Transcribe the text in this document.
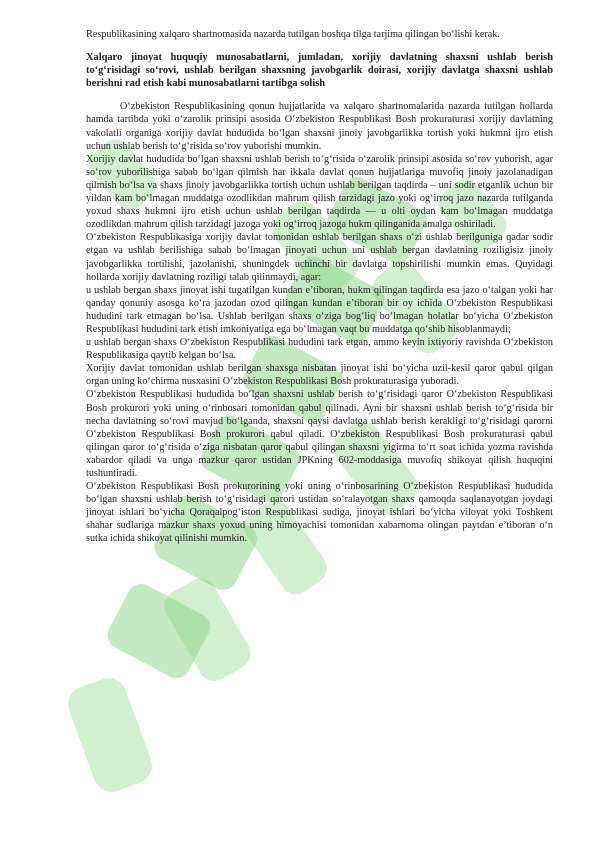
Respublikasining xalqaro shartnomasida nazarda tutilgan boshqa tilga tarjima qilingan bo‘lishi kerak.

Xalqaro jinoyat huquqiy munosabatlarni, jumladan, xorijiy davlatning shaxsni ushlab berish to‘g‘risidagi so‘rovi, ushlab berilgan shaxsning javobgarlik doirasi, xorijiy davlatga shaxsni ushlab berishni rad etish kabi munosabatlarni tartibga solish

O‘zbekiston Respublikasining qonun hujjatlarida va xalqaro shartnomalarida nazarda tutilgan hollarda hamda tartibda yoki o‘zarolik prinsipi asosida O‘zbekiston Respublikasi Bosh prokuraturasi xorijiy davlatning vakolatli organiga xorijiy davlat hududida bo‘lgan shaxsni jinoiy javobgarlikka tortish yoki hukmni ijro etish uchun ushlab berish to‘g‘risida so‘rov yuborishi mumkin.

Xorijiy davlat hududida bo‘lgan shaxsni ushlab berish to‘g‘risida o‘zarolik prinsipi asosida so‘rov yuborish, agar so‘rov yuborilishiga sabab bo‘lgan qilmish har ikkala davlat qonun hujjatlariga muvofiq jinoiy jazolanadigan qilmish bo‘lsa va shaxs jinoiy javobgarlikka tortish uchun ushlab berilgan taqdirda – uni sodir etganlik uchun bir yildan kam bo‘lmagan muddatga ozodlikdan mahrum qilish tarzidagi jazo yoki og‘irroq jazo nazarda tutilganda yoxud shaxs hukmni ijro etish uchun ushlab berilgan taqdirda — u olti oydan kam bo‘lmagan muddatga ozodlikdan mahrum qilish tarzidagi jazoga yoki og‘irroq jazoga hukm qilinganida amalga oshiriladi.

O‘zbekiston Respublikasiga xorijiy davlat tomonidan ushlab berilgan shaxs o‘zi ushlab berilguniga qadar sodir etgan va ushlab berilishiga sabab bo‘lmagan jinoyati uchun uni ushlab bergan davlatning roziligisiz jinoiy javobgarlikka tortilishi, jazolanishi, shuningdek uchinchi bir davlatga topshirilishi mumkin emas. Quyidagi hollarda xorijiy davlatning roziligi talab qilinmaydi, agar:

u ushlab bergan shaxs jinoyat ishi tugatilgan kundan e’tiboran, hukm qilingan taqdirda esa jazo o‘talgan yoki har qanday qonuniy asosga ko‘ra jazodan ozod qilingan kundan e’tiboran bir oy ichida O‘zbekiston Respublikasi hududini tark etmagan bo‘lsa. Ushlab berilgan shaxs o‘ziga bog‘liq bo‘lmagan holatlar bo‘yicha O‘zbekiston Respublikasi hududini tark etish imkoniyatiga ega bo‘lmagan vaqt bu muddatga qo‘shib hisoblanmaydi;

u ushlab bergan shaxs O‘zbekiston Respublikasi hududini tark etgan, ammo keyin ixtiyoriy ravishda O‘zbekiston Respublikasiga qaytib kelgan bo‘lsa.

Xorijiy davlat tomonidan ushlab berilgan shaxsga nisbatan jinoyat ishi bo‘yicha uzil-kesil qaror qabul qilgan organ uning ko‘chirma nusxasini O‘zbekiston Respublikasi Bosh prokuraturasiga yuboradi.

O‘zbekiston Respublikasi hududida bo‘lgan shaxsni ushlab berish to‘g‘risidagi qaror O‘zbekiston Respublikasi Bosh prokurori yoki uning o‘rinbosari tomonidan qabul qilinadi. Ayni bir shaxsni ushlab berish to‘g‘risida bir necha davlatning so‘rovi mavjud bo‘lganda, shaxsni qaysi davlatga ushlab berish kerakligi to‘g‘risidagi qarorni O‘zbekiston Respublikasi Bosh prokurori qabul qiladi. O‘zbekiston Respublikasi Bosh prokuraturasi qabul qilingan qaror to‘g‘risida o‘ziga nisbatan qaror qabul qilingan shaxsni yigirma to‘rt soat ichida yozma ravishda xabardor qiladi va unga mazkur qaror ustidan JPKning 602-moddasiga muvofiq shikoyat qilish huquqini tushuntiradi.

O‘zbekiston Respublikasi Bosh prokurorining yoki uning o‘rinbosarining O‘zbekiston Respublikasi hududida bo‘lgan shaxsni ushlab berish to‘g‘risidagi qarori ustidan so‘ralayotgan shaxs qamoqda saqlanayotgan joydagi jinoyat ishlari bo‘yicha Qoraqalpog‘iston Respublikasi sudiga, jinoyat ishlari bo‘yicha viloyat yoki Toshkent shahar sudlariga mazkur shaxs yoxud uning himoyachisi tomonidan xabarnoma olingan paytdan e’tiboran o‘n sutka ichida shikoyat qilinishi mumkin.
